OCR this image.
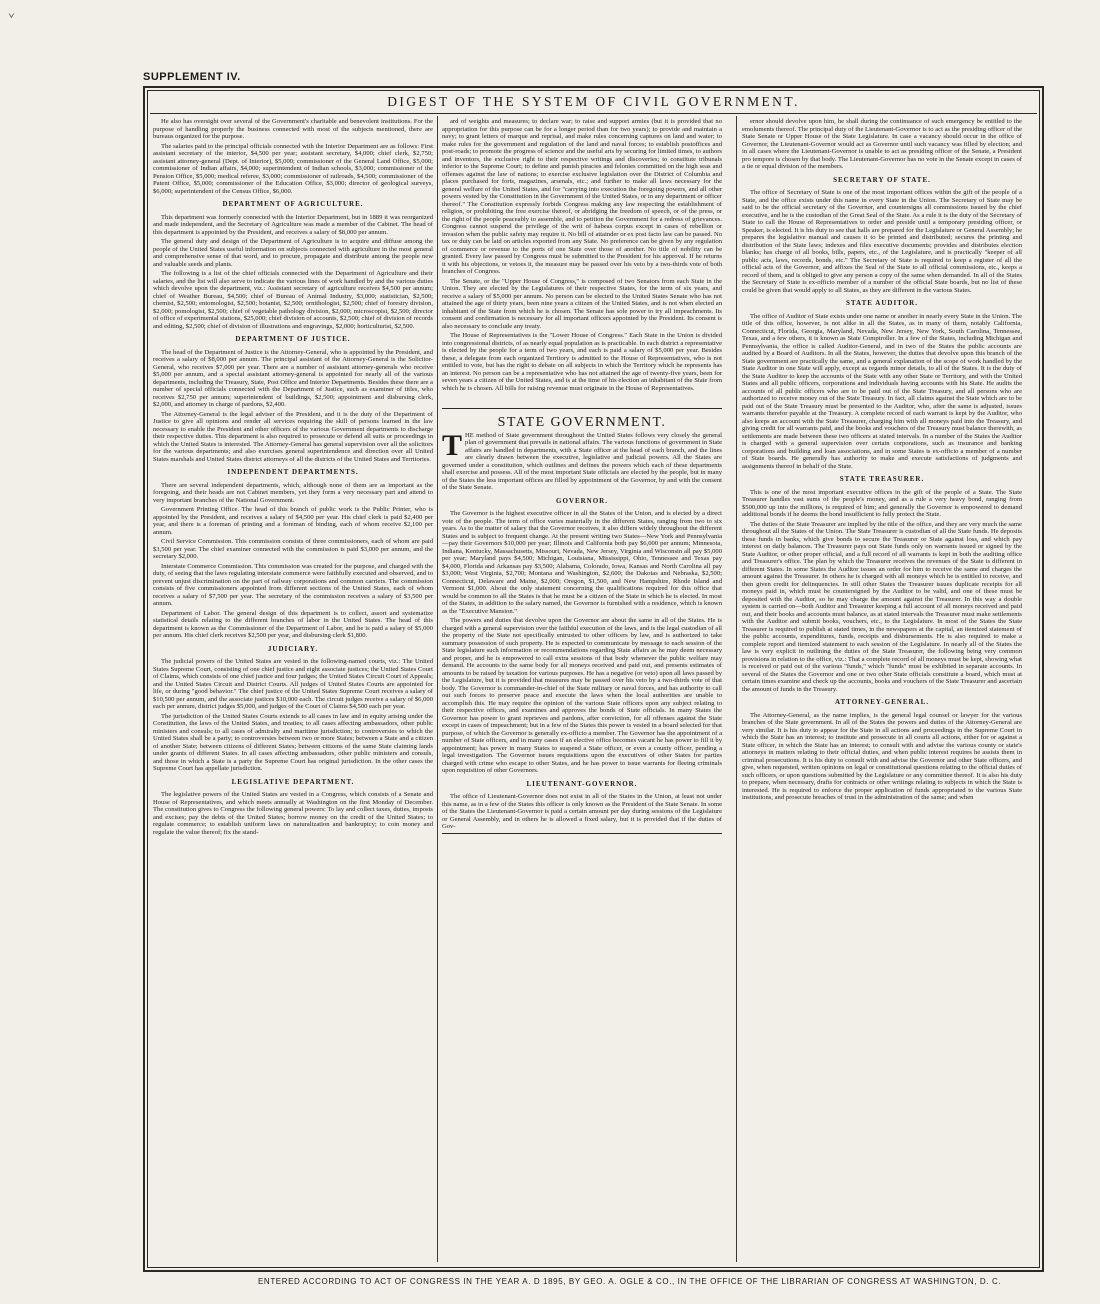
ᘁ
SUPPLEMENT IV.
DIGEST OF THE SYSTEM OF CIVIL GOVERNMENT.

He also has oversight over several of the Government's charitable and benevolent institutions. For the purpose of handling properly the business connected with most of the subjects mentioned, there are bureaus organized for the purpose.

The salaries paid to the principal officials connected with the Interior Department are as follows: First assistant secretary of the interior, $4,500 per year; assistant secretary, $4,000; chief clerk, $2,750; assistant attorney-general (Dept. of Interior), $5,000; commissioner of the General Land Office, $5,000; commissioner of Indian affairs, $4,000; superintendent of Indian schools, $3,000; commissioner of the Pension Office, $5,000; medical referee, $3,000; commissioner of railroads, $4,500; commissioner of the Patent Office, $5,000; commissioner of the Education Office, $3,000; director of geological surveys, $6,000; superintendent of the Census Office, $6,000.

DEPARTMENT OF AGRICULTURE.

This department was formerly connected with the Interior Department, but in 1889 it was reorganized and made independent, and the Secretary of Agriculture was made a member of the Cabinet. The head of this department is appointed by the President, and receives a salary of $8,000 per annum.

The general duty and design of the Department of Agriculture is to acquire and diffuse among the people of the United States useful information on subjects connected with agriculture in the most general and comprehensive sense of that word, and to procure, propagate and distribute among the people new and valuable seeds and plants.

The following is a list of the chief officials connected with the Department of Agriculture and their salaries, and the list will also serve to indicate the various lines of work handled by and the various duties which devolve upon the department, viz.: Assistant secretary of agriculture receives $4,500 per annum; chief of Weather Bureau, $4,500; chief of Bureau of Animal Industry, $3,000; statistician, $2,500; chemist, $2,500; entomologist, $2,500; botanist, $2,500; ornithologist, $2,500; chief of forestry division, $2,000; pomologist, $2,500; chief of vegetable pathology division, $2,000; microscopist, $2,500; director of office of experimental stations, $25,000; chief division of accounts, $2,500; chief of division of records and editing, $2,500; chief of division of illustrations and engravings, $2,000; horticulturist, $2,500.

DEPARTMENT OF JUSTICE.

The head of the Department of Justice is the Attorney-General, who is appointed by the President, and receives a salary of $8,000 per annum. The principal assistant of the Attorney-General is the Solicitor-General, who receives $7,000 per year. There are a number of assistant attorney-generals who receive $5,000 per annum, and a special assistant attorney-general is appointed for nearly all of the various departments, including the Treasury, State, Post Office and Interior Departments. Besides these there are a number of special officials connected with the Department of Justice, such as examiner of titles, who receives $2,750 per annum; superintendent of buildings, $2,500; appointment and disbursing clerk, $2,000, and attorney in charge of pardons, $2,400.

The Attorney-General is the legal adviser of the President, and it is the duty of the Department of Justice to give all opinions and render all services requiring the skill of persons learned in the law necessary to enable the President and other officers of the various Government departments to discharge their respective duties. This department is also required to prosecute or defend all suits or proceedings in which the United States is interested. The Attorney-General has general supervision over all the solicitors for the various departments; and also exercises general superintendence and direction over all United States marshals and United States district attorneys of all the districts of the United States and Territories.

INDEPENDENT DEPARTMENTS.

There are several independent departments, which, although none of them are as important as the foregoing, and their heads are not Cabinet members, yet they form a very necessary part and attend to very important branches of the National Government.

Government Printing Office. The head of this branch of public work is the Public Printer, who is appointed by the President, and receives a salary of $4,500 per year. His chief clerk is paid $2,400 per year, and there is a foreman of printing and a foreman of binding, each of whom receive $2,100 per annum.

Civil Service Commission. This commission consists of three commissioners, each of whom are paid $3,500 per year. The chief examiner connected with the commission is paid $3,000 per annum, and the secretary $2,000.

Interstate Commerce Commission. This commission was created for the purpose, and charged with the duty, of seeing that the laws regulating interstate commerce were faithfully executed and observed, and to prevent unjust discrimination on the part of railway corporations and common carriers. The commission consists of five commissioners appointed from different sections of the United States, each of whom receives a salary of $7,500 per year. The secretary of the commission receives a salary of $3,500 per annum.

Department of Labor. The general design of this department is to collect, assort and systematize statistical details relating to the different branches of labor in the United States. The head of this department is known as the Commissioner of the Department of Labor, and he is paid a salary of $5,000 per annum. His chief clerk receives $2,500 per year, and disbursing clerk $1,800.

JUDICIARY.

The judicial powers of the United States are vested in the following-named courts, viz.: The United States Supreme Court, consisting of one chief justice and eight associate justices; the United States Court of Claims, which consists of one chief justice and four judges; the United States Circuit Court of Appeals; and the United States Circuit and District Courts. All judges of United States Courts are appointed for life, or during "good behavior." The chief justice of the United States Supreme Court receives a salary of $10,500 per annum, and the associate justices $10,000 each. The circuit judges receive a salary of $6,000 each per annum, district judges $5,000, and judges of the Court of Claims $4,500 each per year.

The jurisdiction of the United States Courts extends to all cases in law and in equity arising under the Constitution, the laws of the United States, and treaties; to all cases affecting ambassadors, other public ministers and consuls; to all cases of admiralty and maritime jurisdiction; to controversies to which the United States shall be a party; to controversies between two or more States; between a State and a citizen of another State; between citizens of different States; between citizens of the same State claiming lands under grants of different States. In all cases affecting ambassadors, other public ministers and consuls, and those in which a State is a party the Supreme Court has original jurisdiction. In the other cases the Supreme Court has appellate jurisdiction.

LEGISLATIVE DEPARTMENT.

The legislative powers of the United States are vested in a Congress, which consists of a Senate and House of Representatives, and which meets annually at Washington on the first Monday of December. The constitution gives to Congress the following general powers: To lay and collect taxes, duties, imposts and excises; pay the debts of the United States; borrow money on the credit of the United States; to regulate commerce; to establish uniform laws on naturalization and bankruptcy; to coin money and regulate the value thereof; fix the stand-

ard of weights and measures; to declare war; to raise and support armies (but it is provided that no appropriation for this purpose can be for a longer period than for two years); to provide and maintain a navy; to grant letters of marque and reprisal, and make rules concerning captures on land and water; to make rules for the government and regulation of the land and naval forces; to establish postoffices and post-roads; to promote the progress of science and the useful arts by securing for limited times, to authors and inventors, the exclusive right to their respective writings and discoveries; to constitute tribunals inferior to the Supreme Court; to define and punish piracies and felonies committed on the high seas and offenses against the law of nations; to exercise exclusive legislation over the District of Columbia and places purchased for forts, magazines, arsenals, etc.; and further to make all laws necessary for the general welfare of the United States, and for "carrying into execution the foregoing powers, and all other powers vested by the Constitution in the Government of the United States, or in any department or officer thereof." The Constitution expressly forbids Congress making any law respecting the establishment of religion, or prohibiting the free exercise thereof, or abridging the freedom of speech, or of the press, or the right of the people peaceably to assemble, and to petition the Government for a redress of grievances. Congress cannot suspend the privilege of the writ of habeas corpus except in cases of rebellion or invasion when the public safety may require it. No bill of attainder or ex post facto law can be passed. No tax or duty can be laid on articles exported from any State. No preference can be given by any regulation of commerce or revenue to the ports of one State over those of another. No title of nobility can be granted. Every law passed by Congress must be submitted to the President for his approval. If he returns it with his objections, or vetoes it, the measure may be passed over his veto by a two-thirds vote of both branches of Congress.

The Senate, or the "Upper House of Congress," is composed of two Senators from each State in the Union. They are elected by the Legislatures of their respective States, for the term of six years, and receive a salary of $5,000 per annum. No person can be elected to the United States Senate who has not attained the age of thirty years, been nine years a citizen of the United States, and is not when elected an inhabitant of the State from which he is chosen. The Senate has sole power to try all impeachments. Its consent and confirmation is necessary for all important officers appointed by the President. Its consent is also necessary to conclude any treaty.

The House of Representatives is the "Lower House of Congress." Each State in the Union is divided into congressional districts, of as nearly equal population as is practicable. In each district a representative is elected by the people for a term of two years, and each is paid a salary of $5,000 per year. Besides these, a delegate from each organized Territory is admitted to the House of Representatives, who is not entitled to vote, but has the right to debate on all subjects in which the Territory which he represents has an interest. No person can be a representative who has not attained the age of twenty-five years, been for seven years a citizen of the United States, and is at the time of his election an inhabitant of the State from which he is chosen. All bills for raising revenue must originate in the House of Representatives.

STATE GOVERNMENT.

THE method of State government throughout the United States follows very closely the general plan of government that prevails in national affairs. The various functions of government in State affairs are handled in departments, with a State officer at the head of each branch, and the lines are clearly drawn between the executive, legislative and judicial powers. All the States are governed under a constitution, which outlines and defines the powers which each of these departments shall exercise and possess. All of the most important State officials are elected by the people, but in many of the States the less important offices are filled by appointment of the Governor, by and with the consent of the State Senate.

GOVERNOR.

The Governor is the highest executive officer in all the States of the Union, and is elected by a direct vote of the people. The term of office varies materially in the different States, ranging from two to six years. As to the matter of salary that the Governor receives, it also differs widely throughout the different States and is subject to frequent change. At the present writing two States—New York and Pennsylvania—pay their Governors $10,000 per year; Illinois and California both pay $6,000 per annum; Minnesota, Indiana, Kentucky, Massachusetts, Missouri, Nevada, New Jersey, Virginia and Wisconsin all pay $5,000 per year; Maryland pays $4,500; Michigan, Louisiana, Mississippi, Ohio, Tennessee and Texas pay $4,000, Florida and Arkansas pay $3,500; Alabama, Colorado, Iowa, Kansas and North Carolina all pay $3,000; West Virginia, $2,700; Montana and Washington, $2,600; the Dakotas and Nebraska, $2,500; Connecticut, Delaware and Maine, $2,000; Oregon, $1,500, and New Hampshire, Rhode Island and Vermont $1,000. About the only statement concerning the qualifications required for this office that would be common to all the States is that he must be a citizen of the State in which he is elected. In most of the States, in addition to the salary named, the Governor is furnished with a residence, which is known as the "Executive Mansion."

The powers and duties that devolve upon the Governor are about the same in all of the States. He is charged with a general supervision over the faithful execution of the laws, and is the legal custodian of all the property of the State not specifically entrusted to other officers by law, and is authorized to take summary possession of such property. He is expected to communicate by message to each session of the State legislature such information or recommendations regarding State affairs as he may deem necessary and proper, and he is empowered to call extra sessions of that body whenever the public welfare may demand. He accounts to the same body for all moneys received and paid out, and presents estimates of amounts to be raised by taxation for various purposes. He has a negative (or veto) upon all laws passed by the Legislature, but it is provided that measures may be passed over his veto by a two-thirds vote of that body. The Governor is commander-in-chief of the State military or naval forces, and has authority to call out such forces to preserve peace and execute the laws when the local authorities are unable to accomplish this. He may require the opinion of the various State officers upon any subject relating to their respective offices, and examines and approves the bonds of State officials. In many States the Governor has power to grant reprieves and pardons, after conviction, for all offenses against the State except in cases of impeachment; but in a few of the States this power is vested in a board selected for that purpose, of which the Governor is generally ex-officio a member. The Governor has the appointment of a number of State officers, and in many cases if an elective office becomes vacant he has power to fill it by appointment; has power in many States to suspend a State officer, or even a county officer, pending a legal investigation. The Governor issues requisitions upon the executives of other States for parties charged with crime who escape to other States, and he has power to issue warrants for fleeing criminals upon requisition of other Governors.

LIEUTENANT-GOVERNOR.

The office of Lieutenant-Governor does not exist in all of the States in the Union, at least not under this name, as in a few of the States this officer is only known as the President of the State Senate. In some of the States the Lieutenant-Governor is paid a certain amount per day during sessions of the Legislature or General Assembly, and in others he is allowed a fixed salary, but it is provided that if the duties of Gov-

ernor should devolve upon him, he shall during the continuance of such emergency be entitled to the emoluments thereof. The principal duty of the Lieutenant-Governor is to act as the presiding officer of the State Senate or Upper House of the State Legislature. In case a vacancy should occur in the office of Governor, the Lieutenant-Governor would act as Governor until such vacancy was filled by election; and in all cases where the Lieutenant-Governor is unable to act as presiding officer of the Senate, a President pro tempore is chosen by that body. The Lieutenant-Governor has no vote in the Senate except in cases of a tie or equal division of the members.

SECRETARY OF STATE.

The office of Secretary of State is one of the most important offices within the gift of the people of a State, and the office exists under this name in every State in the Union. The Secretary of State may be said to be the official secretary of the Governor, and countersigns all commissions issued by the chief executive, and he is the custodian of the Great Seal of the State. As a rule it is the duty of the Secretary of State to call the House of Representatives to order and preside until a temporary presiding officer, or Speaker, is elected. It is his duty to see that halls are prepared for the Legislature or General Assembly; he prepares the legislative manual and causes it to be printed and distributed; secures the printing and distribution of the State laws; indexes and files executive documents; provides and distributes election blanks; has charge of all books, bills, papers, etc., of the Legislature, and is practically "keeper of all public acts, laws, records, bonds, etc." The Secretary of State is required to keep a register of all the official acts of the Governor, and affixes the Seal of the State to all official commissions, etc., keeps a record of them, and is obliged to give any person a copy of the same when demanded. In all of the States the Secretary of State is ex-officio member of a number of the official State boards, but no list of these could be given that would apply to all States, as they are different in the various States.

STATE AUDITOR.

The office of Auditor of State exists under one name or another in nearly every State in the Union. The title of this office, however, is not alike in all the States, as in many of them, notably California, Connecticut, Florida, Georgia, Maryland, Nevada, New Jersey, New York, South Carolina, Tennessee, Texas, and a few others, it is known as State Comptroller. In a few of the States, including Michigan and Pennsylvania, the office is called Auditor-General, and in two of the States the public accounts are audited by a Board of Auditors. In all the States, however, the duties that devolve upon this branch of the State government are practically the same, and a general explanation of the scope of work handled by the State Auditor in one State will apply, except as regards minor details, to all of the States. It is the duty of the State Auditor to keep the accounts of the State with any other State or Territory, and with the United States and all public officers, corporations and individuals having accounts with his State. He audits the accounts of all public officers who are to be paid out of the State Treasury, and all persons who are authorized to receive money out of the State Treasury. In fact, all claims against the State which are to be paid out of the State Treasury must be presented to the Auditor, who, after the same is adjusted, issues warrants therefor payable at the Treasury. A complete record of each warrant is kept by the Auditor, who also keeps an account with the State Treasurer, charging him with all moneys paid into the Treasury, and giving credit for all warrants paid, and the books and vouchers of the Treasury must balance therewith, as settlements are made between these two officers at stated intervals. In a number of the States the Auditor is charged with a general supervision over certain corporations, such as insurance and banking corporations and building and loan associations, and in some States is ex-officio a member of a number of State boards. He generally has authority to make and execute satisfactions of judgments and assignments thereof in behalf of the State.

STATE TREASURER.

This is one of the most important executive offices in the gift of the people of a State. The State Treasurer handles vast sums of the people's money, and as a rule a very heavy bond, ranging from $500,000 up into the millions, is required of him; and generally the Governor is empowered to demand additional bonds if he deems the bond insufficient to fully protect the State.

The duties of the State Treasurer are implied by the title of the office, and they are very much the same throughout all the States of the Union. The State Treasurer is custodian of all the State funds. He deposits these funds in banks, which give bonds to secure the Treasurer or State against loss, and which pay interest on daily balances. The Treasurer pays out State funds only on warrants issued or signed by the State Auditor, or other proper official, and a full record of all warrants is kept in both the auditing office and Treasurer's office. The plan by which the Treasurer receives the revenues of the State is different in different States. In some States the Auditor issues an order for him to receive the same and charges the amount against the Treasurer. In others he is charged with all moneys which he is entitled to receive, and then given credit for delinquencies. In still other States the Treasurer issues duplicate receipts for all moneys paid in, which must be countersigned by the Auditor to be valid, and one of these must be deposited with the Auditor, so he may charge the amount against the Treasurer. In this way a double system is carried on—both Auditor and Treasurer keeping a full account of all moneys received and paid out, and their books and accounts must balance, as at stated intervals the Treasurer must make settlements with the Auditor and submit books, vouchers, etc., to the Legislature. In most of the States the State Treasurer is required to publish at stated times, in the newspapers at the capital, an itemized statement of the public accounts, expenditures, funds, receipts and disbursements. He is also required to make a complete report and itemized statement to each session of the Legislature. In nearly all of the States the law is very explicit in outlining the duties of the State Treasurer, the following being very common provisions in relation to the office, viz.: That a complete record of all moneys must be kept, showing what is received or paid out of the various "funds," which "funds" must be exhibited in separate accounts. In several of the States the Governor and one or two other State officials constitute a board, which must at certain times examine and check up the accounts, books and vouchers of the State Treasurer and ascertain the amount of funds in the Treasury.

ATTORNEY-GENERAL.

The Attorney-General, as the name implies, is the general legal counsel or lawyer for the various branches of the State government. In all of the States the powers and duties of the Attorney-General are very similar. It is his duty to appear for the State in all actions and proceedings in the Supreme Court in which the State has an interest; to institute and prosecute in all courts all actions, either for or against a State officer, in which the State has an interest; to consult with and advise the various county or state's attorneys in matters relating to their official duties, and when public interest requires he assists them in criminal prosecutions. It is his duty to consult with and advise the Governor and other State officers, and give, when requested, written opinions on legal or constitutional questions relating to the official duties of such officers, or upon questions submitted by the Legislature or any committee thereof. It is also his duty to prepare, when necessary, drafts for contracts or other writings relating to subjects in which the State is interested. He is required to enforce the proper application of funds appropriated to the various State institutions, and prosecute breaches of trust in the administration of the same; and when

ENTERED ACCORDING TO ACT OF CONGRESS IN THE YEAR A. D 1895, BY GEO. A. OGLE & CO., IN THE OFFICE OF THE LIBRARIAN OF CONGRESS AT WASHINGTON, D. C.
